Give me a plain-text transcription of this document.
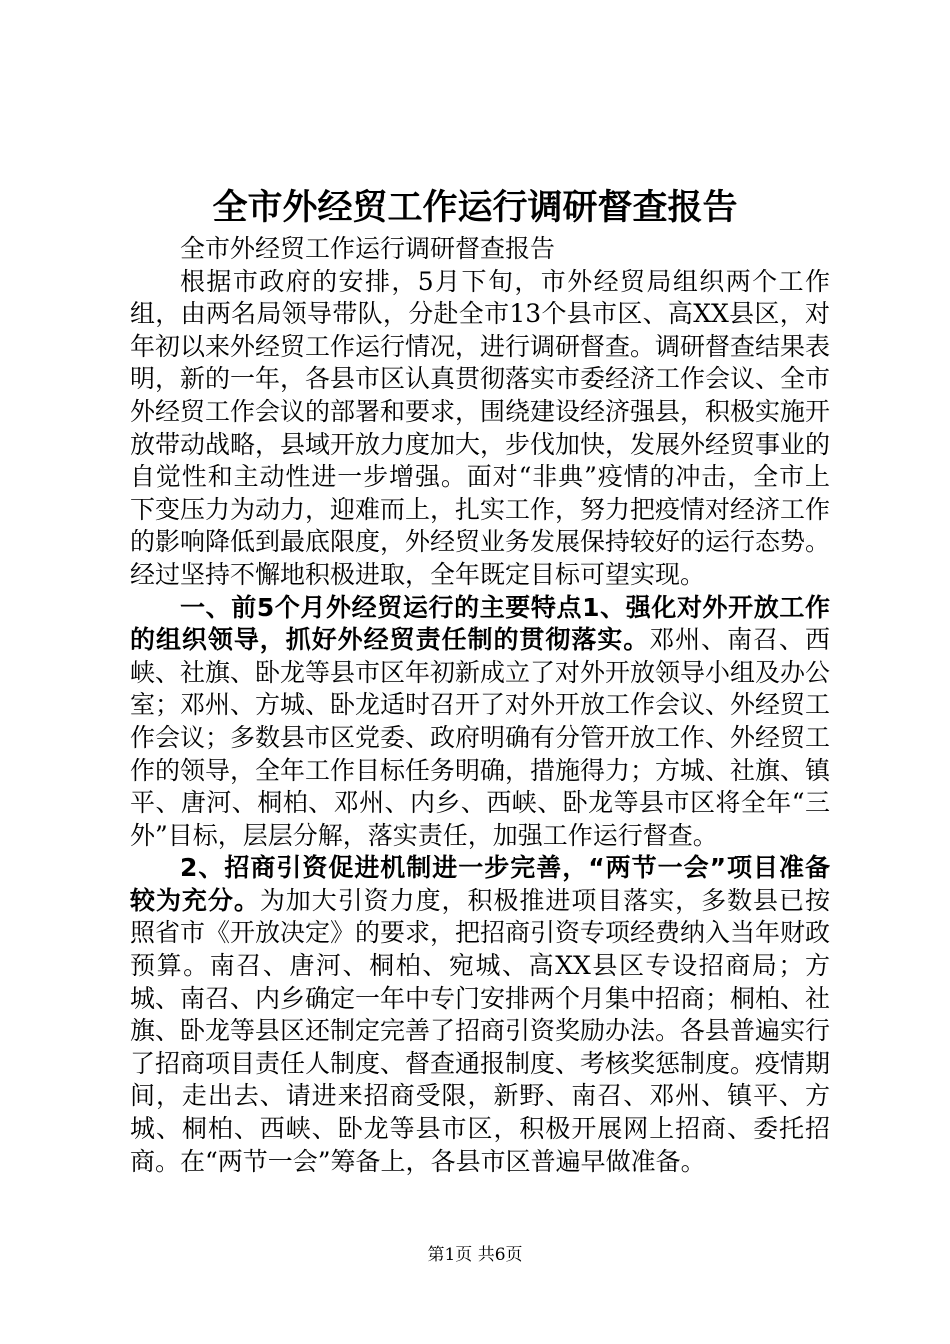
全市外经贸工作运行调研督查报告

全市外经贸工作运行调研督查报告

根据市政府的安排，5月下旬，市外经贸局组织两个工作组，由两名局领导带队，分赴全市13个县市区、高XX县区，对年初以来外经贸工作运行情况，进行调研督查。调研督查结果表明，新的一年，各县市区认真贯彻落实市委经济工作会议、全市外经贸工作会议的部署和要求，围绕建设经济强县，积极实施开放带动战略，县域开放力度加大，步伐加快，发展外经贸事业的自觉性和主动性进一步增强。面对“非典”疫情的冲击，全市上下变压力为动力，迎难而上，扎实工作，努力把疫情对经济工作的影响降低到最底限度，外经贸业务发展保持较好的运行态势。经过坚持不懈地积极进取，全年既定目标可望实现。

一、前5个月外经贸运行的主要特点1、强化对外开放工作的组织领导，抓好外经贸责任制的贯彻落实。邓州、南召、西峡、社旗、卧龙等县市区年初新成立了对外开放领导小组及办公室；邓州、方城、卧龙适时召开了对外开放工作会议、外经贸工作会议；多数县市区党委、政府明确有分管开放工作、外经贸工作的领导，全年工作目标任务明确，措施得力；方城、社旗、镇平、唐河、桐柏、邓州、内乡、西峡、卧龙等县市区将全年“三外”目标，层层分解，落实责任，加强工作运行督查。

2、招商引资促进机制进一步完善，“两节一会”项目准备较为充分。为加大引资力度，积极推进项目落实，多数县已按照省市《开放决定》的要求，把招商引资专项经费纳入当年财政预算。南召、唐河、桐柏、宛城、高XX县区专设招商局；方城、南召、内乡确定一年中专门安排两个月集中招商；桐柏、社旗、卧龙等县区还制定完善了招商引资奖励办法。各县普遍实行了招商项目责任人制度、督查通报制度、考核奖惩制度。疫情期间，走出去、请进来招商受限，新野、南召、邓州、镇平、方城、桐柏、西峡、卧龙等县市区，积极开展网上招商、委托招商。在“两节一会”筹备上，各县市区普遍早做准备。

第1页 共6页
